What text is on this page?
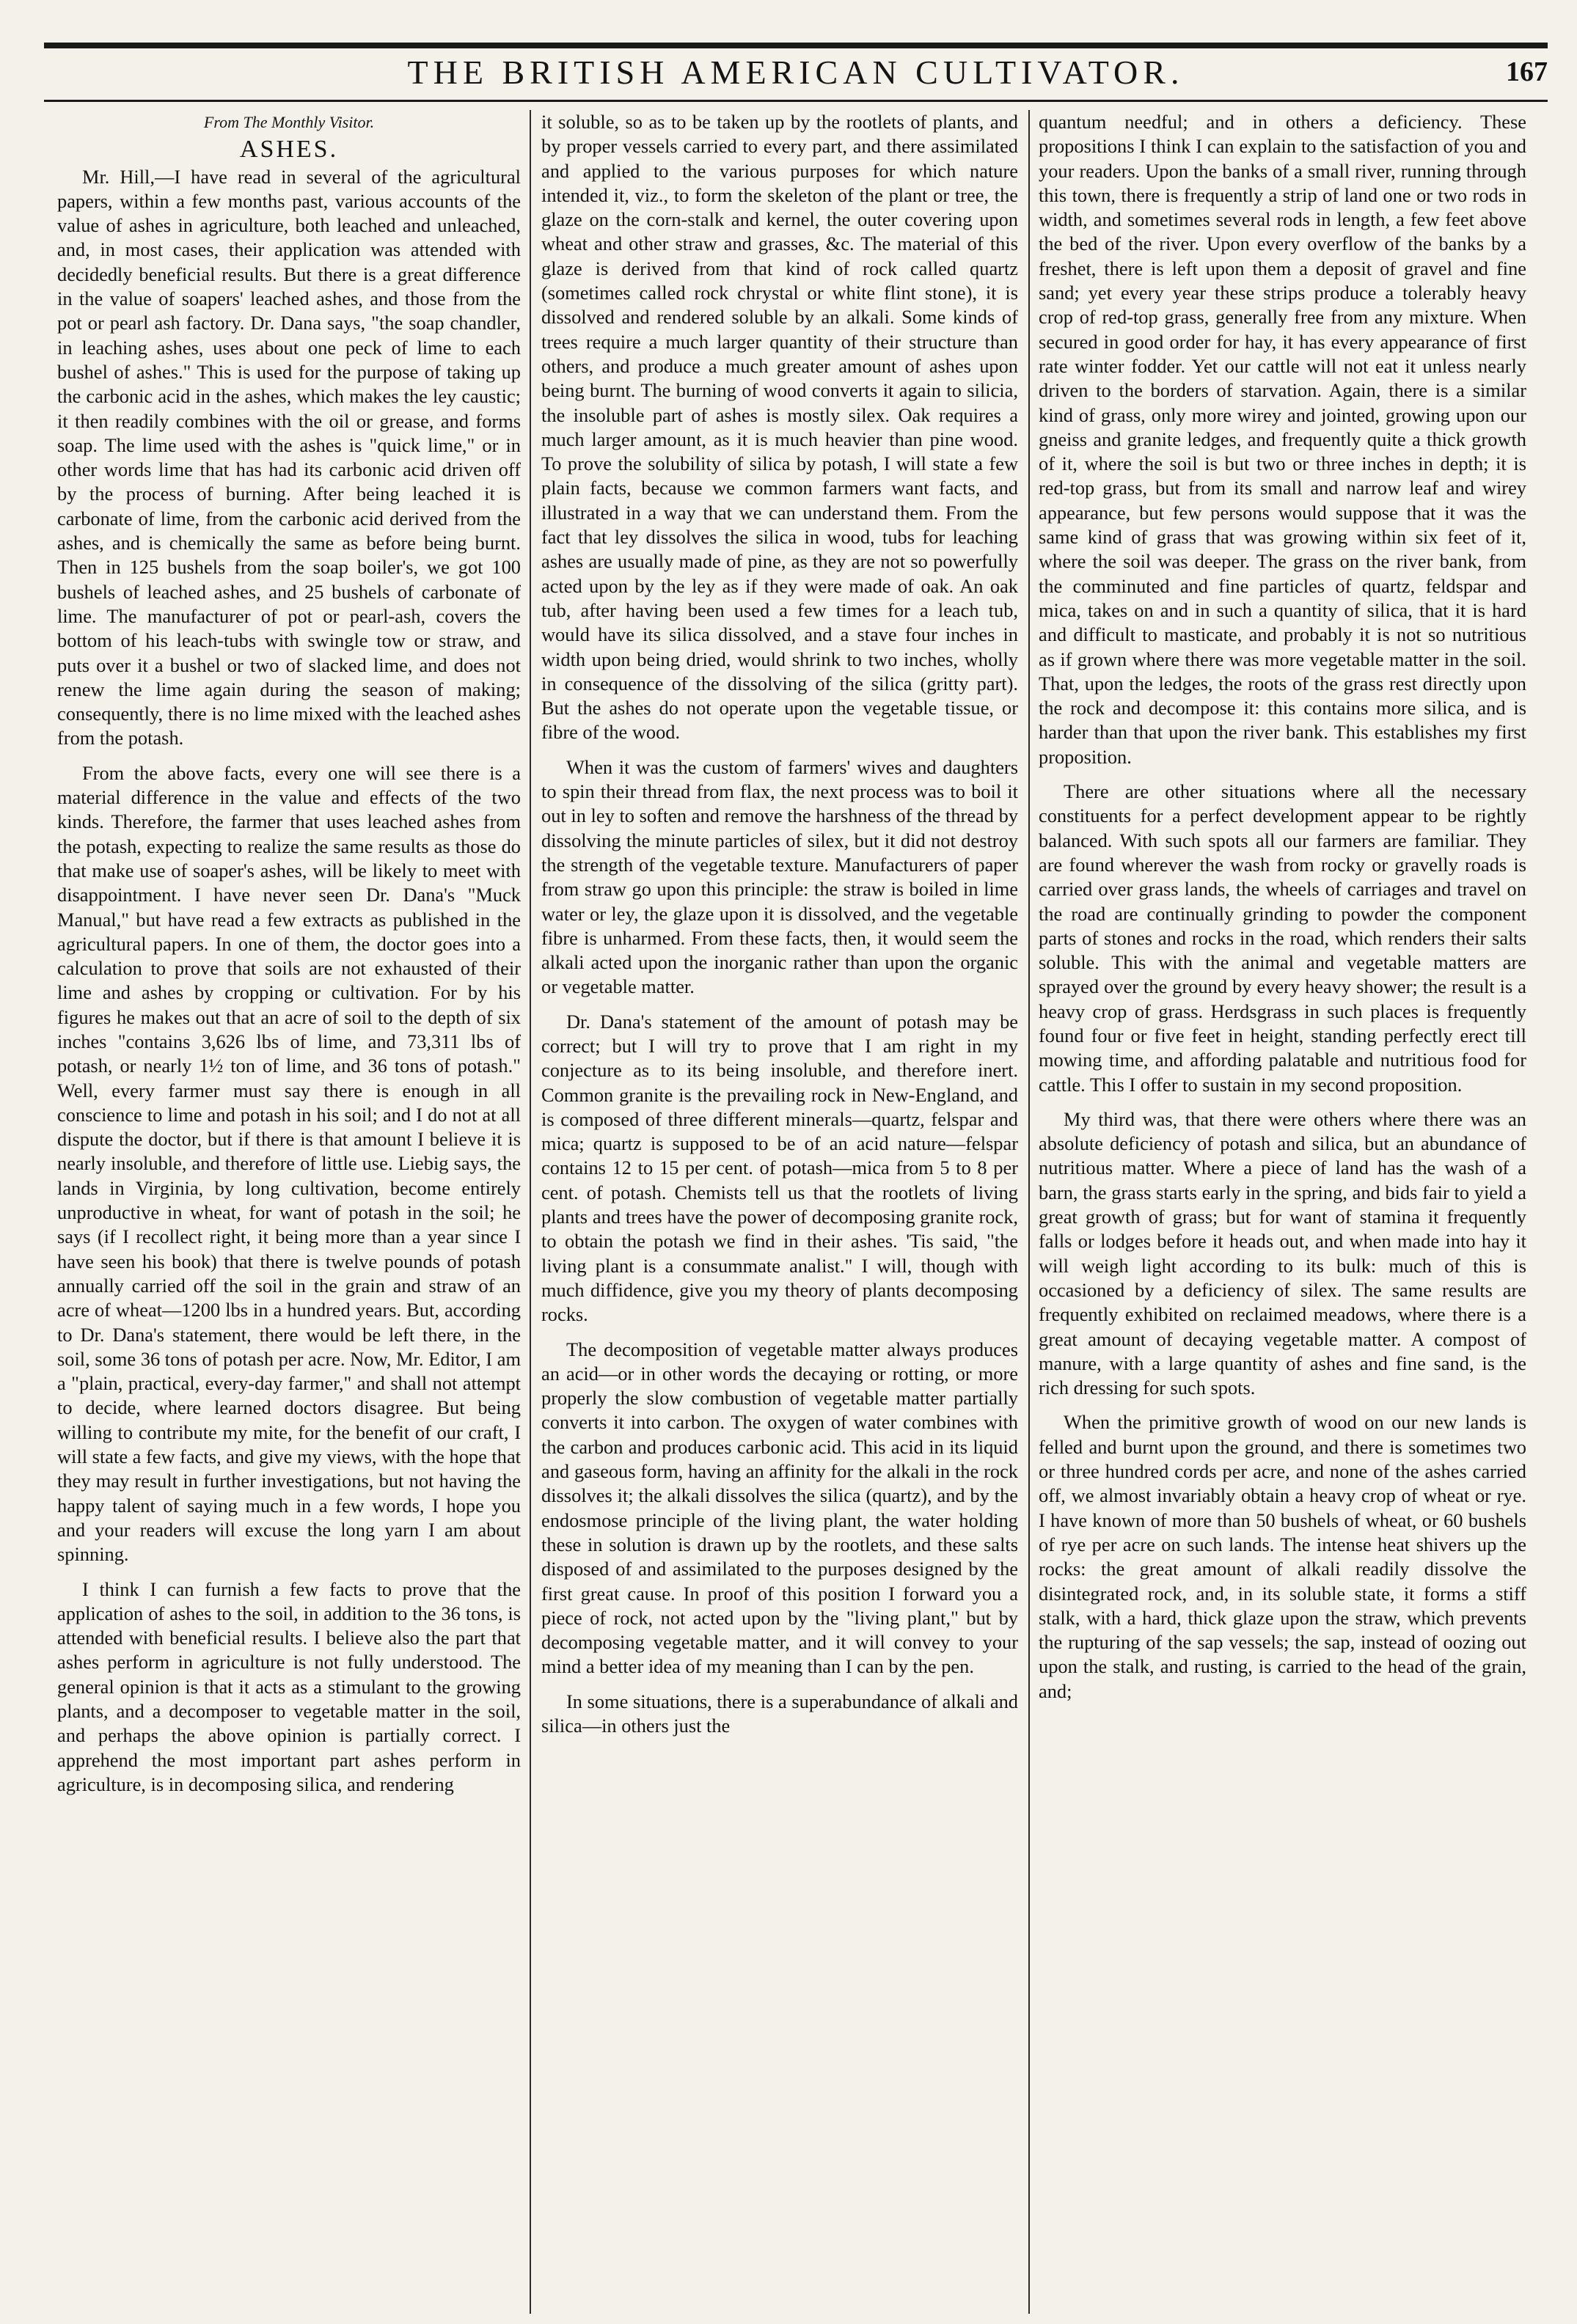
THE BRITISH AMERICAN CULTIVATOR.	167
From The Monthly Visitor.
ASHES.

Mr. Hill,—I have read in several of the agricultural papers, within a few months past, various accounts of the value of ashes in agriculture, both leached and unleached, and, in most cases, their application was attended with decidedly beneficial results. But there is a great difference in the value of soapers' leached ashes, and those from the pot or pearl ash factory. Dr. Dana says, "the soap chandler, in leaching ashes, uses about one peck of lime to each bushel of ashes." This is used for the purpose of taking up the carbonic acid in the ashes, which makes the ley caustic; it then readily combines with the oil or grease, and forms soap. The lime used with the ashes is "quick lime," or in other words lime that has had its carbonic acid driven off by the process of burning. After being leached it is carbonate of lime, from the carbonic acid derived from the ashes, and is chemically the same as before being burnt. Then in 125 bushels from the soap boiler's, we got 100 bushels of leached ashes, and 25 bushels of carbonate of lime. The manufacturer of pot or pearl-ash, covers the bottom of his leach-tubs with swingle tow or straw, and puts over it a bushel or two of slacked lime, and does not renew the lime again during the season of making; consequently, there is no lime mixed with the leached ashes from the potash.

From the above facts, every one will see there is a material difference in the value and effects of the two kinds. Therefore, the farmer that uses leached ashes from the potash, expecting to realize the same results as those do that make use of soaper's ashes, will be likely to meet with disappointment. I have never seen Dr. Dana's "Muck Manual," but have read a few extracts as published in the agricultural papers. In one of them, the doctor goes into a calculation to prove that soils are not exhausted of their lime and ashes by cropping or cultivation. For by his figures he makes out that an acre of soil to the depth of six inches "contains 3,626 lbs of lime, and 73,311 lbs of potash, or nearly 1½ ton of lime, and 36 tons of potash." Well, every farmer must say there is enough in all conscience to lime and potash in his soil; and I do not at all dispute the doctor, but if there is that amount I believe it is nearly insoluble, and therefore of little use. Liebig says, the lands in Virginia, by long cultivation, become entirely unproductive in wheat, for want of potash in the soil; he says (if I recollect right, it being more than a year since I have seen his book) that there is twelve pounds of potash annually carried off the soil in the grain and straw of an acre of wheat—1200 lbs in a hundred years. But, according to Dr. Dana's statement, there would be left there, in the soil, some 36 tons of potash per acre. Now, Mr. Editor, I am a "plain, practical, every-day farmer," and shall not attempt to decide, where learned doctors disagree. But being willing to contribute my mite, for the benefit of our craft, I will state a few facts, and give my views, with the hope that they may result in further investigations, but not having the happy talent of saying much in a few words, I hope you and your readers will excuse the long yarn I am about spinning.

I think I can furnish a few facts to prove that the application of ashes to the soil, in addition to the 36 tons, is attended with beneficial results. I believe also the part that ashes perform in agriculture is not fully understood. The general opinion is that it acts as a stimulant to the growing plants, and a decomposer to vegetable matter in the soil, and perhaps the above opinion is partially correct. I apprehend the most important part ashes perform in agriculture, is in decomposing silica, and rendering

it soluble, so as to be taken up by the rootlets of plants, and by proper vessels carried to every part, and there assimilated and applied to the various purposes for which nature intended it, viz., to form the skeleton of the plant or tree, the glaze on the corn-stalk and kernel, the outer covering upon wheat and other straw and grasses, &c. The material of this glaze is derived from that kind of rock called quartz (sometimes called rock chrystal or white flint stone), it is dissolved and rendered soluble by an alkali. Some kinds of trees require a much larger quantity of their structure than others, and produce a much greater amount of ashes upon being burnt. The burning of wood converts it again to silicia, the insoluble part of ashes is mostly silex. Oak requires a much larger amount, as it is much heavier than pine wood. To prove the solubility of silica by potash, I will state a few plain facts, because we common farmers want facts, and illustrated in a way that we can understand them. From the fact that ley dissolves the silica in wood, tubs for leaching ashes are usually made of pine, as they are not so powerfully acted upon by the ley as if they were made of oak. An oak tub, after having been used a few times for a leach tub, would have its silica dissolved, and a stave four inches in width upon being dried, would shrink to two inches, wholly in consequence of the dissolving of the silica (gritty part). But the ashes do not operate upon the vegetable tissue, or fibre of the wood.

When it was the custom of farmers' wives and daughters to spin their thread from flax, the next process was to boil it out in ley to soften and remove the harshness of the thread by dissolving the minute particles of silex, but it did not destroy the strength of the vegetable texture. Manufacturers of paper from straw go upon this principle: the straw is boiled in lime water or ley, the glaze upon it is dissolved, and the vegetable fibre is unharmed. From these facts, then, it would seem the alkali acted upon the inorganic rather than upon the organic or vegetable matter.

Dr. Dana's statement of the amount of potash may be correct; but I will try to prove that I am right in my conjecture as to its being insoluble, and therefore inert. Common granite is the prevailing rock in New-England, and is composed of three different minerals—quartz, felspar and mica; quartz is supposed to be of an acid nature—felspar contains 12 to 15 per cent. of potash—mica from 5 to 8 per cent. of potash. Chemists tell us that the rootlets of living plants and trees have the power of decomposing granite rock, to obtain the potash we find in their ashes. 'Tis said, "the living plant is a consummate analist." I will, though with much diffidence, give you my theory of plants decomposing rocks.

The decomposition of vegetable matter always produces an acid—or in other words the decaying or rotting, or more properly the slow combustion of vegetable matter partially converts it into carbon. The oxygen of water combines with the carbon and produces carbonic acid. This acid in its liquid and gaseous form, having an affinity for the alkali in the rock dissolves it; the alkali dissolves the silica (quartz), and by the endosmose principle of the living plant, the water holding these in solution is drawn up by the rootlets, and these salts disposed of and assimilated to the purposes designed by the first great cause. In proof of this position I forward you a piece of rock, not acted upon by the "living plant," but by decomposing vegetable matter, and it will convey to your mind a better idea of my meaning than I can by the pen.

In some situations, there is a superabundance of alkali and silica—in others just the

quantum needful; and in others a deficiency. These propositions I think I can explain to the satisfaction of you and your readers. Upon the banks of a small river, running through this town, there is frequently a strip of land one or two rods in width, and sometimes several rods in length, a few feet above the bed of the river. Upon every overflow of the banks by a freshet, there is left upon them a deposit of gravel and fine sand; yet every year these strips produce a tolerably heavy crop of red-top grass, generally free from any mixture. When secured in good order for hay, it has every appearance of first rate winter fodder. Yet our cattle will not eat it unless nearly driven to the borders of starvation. Again, there is a similar kind of grass, only more wirey and jointed, growing upon our gneiss and granite ledges, and frequently quite a thick growth of it, where the soil is but two or three inches in depth; it is red-top grass, but from its small and narrow leaf and wirey appearance, but few persons would suppose that it was the same kind of grass that was growing within six feet of it, where the soil was deeper. The grass on the river bank, from the comminuted and fine particles of quartz, feldspar and mica, takes on and in such a quantity of silica, that it is hard and difficult to masticate, and probably it is not so nutritious as if grown where there was more vegetable matter in the soil. That, upon the ledges, the roots of the grass rest directly upon the rock and decompose it: this contains more silica, and is harder than that upon the river bank. This establishes my first proposition.

There are other situations where all the necessary constituents for a perfect development appear to be rightly balanced. With such spots all our farmers are familiar. They are found wherever the wash from rocky or gravelly roads is carried over grass lands, the wheels of carriages and travel on the road are continually grinding to powder the component parts of stones and rocks in the road, which renders their salts soluble. This with the animal and vegetable matters are sprayed over the ground by every heavy shower; the result is a heavy crop of grass. Herdsgrass in such places is frequently found four or five feet in height, standing perfectly erect till mowing time, and affording palatable and nutritious food for cattle. This I offer to sustain in my second proposition.

My third was, that there were others where there was an absolute deficiency of potash and silica, but an abundance of nutritious matter. Where a piece of land has the wash of a barn, the grass starts early in the spring, and bids fair to yield a great growth of grass; but for want of stamina it frequently falls or lodges before it heads out, and when made into hay it will weigh light according to its bulk: much of this is occasioned by a deficiency of silex. The same results are frequently exhibited on reclaimed meadows, where there is a great amount of decaying vegetable matter. A compost of manure, with a large quantity of ashes and fine sand, is the rich dressing for such spots.

When the primitive growth of wood on our new lands is felled and burnt upon the ground, and there is sometimes two or three hundred cords per acre, and none of the ashes carried off, we almost invariably obtain a heavy crop of wheat or rye. I have known of more than 50 bushels of wheat, or 60 bushels of rye per acre on such lands. The intense heat shivers up the rocks: the great amount of alkali readily dissolve the disintegrated rock, and, in its soluble state, it forms a stiff stalk, with a hard, thick glaze upon the straw, which prevents the rupturing of the sap vessels; the sap, instead of oozing out upon the stalk, and rusting, is carried to the head of the grain, and;
